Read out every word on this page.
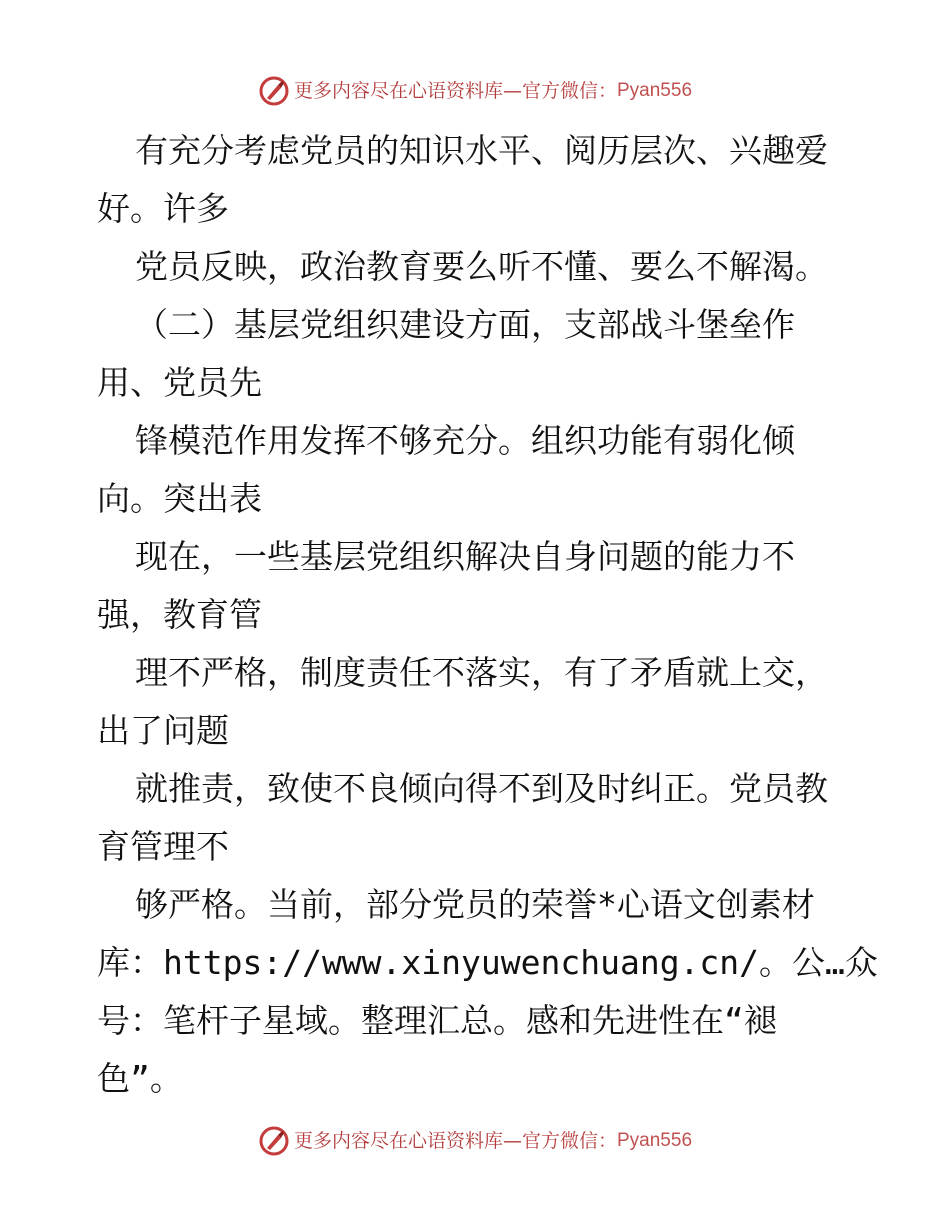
更多内容尽在心语资料库 — 官方微信： Pyan556
有充分考虑党员的知识水平、阅历层次、兴趣爱
好。许多
党员反映，政治教育要么听不懂、要么不解渴。
（二）基层党组织建设方面，支部战斗堡垒作
用、党员先
锋模范作用发挥不够充分。组织功能有弱化倾
向。突出表
现在，一些基层党组织解决自身问题的能力不
强，教育管
理不严格，制度责任不落实，有了矛盾就上交，
出了问题
就推责，致使不良倾向得不到及时纠正。党员教
育管理不
够严格。当前，部分党员的荣誉*心语文创素材
库：https://www.xinyuwenchuang.cn/。公…众
号：笔杆子星域。整理汇总。感和先进性在“褪
色”。
更多内容尽在心语资料库 — 官方微信： Pyan556
